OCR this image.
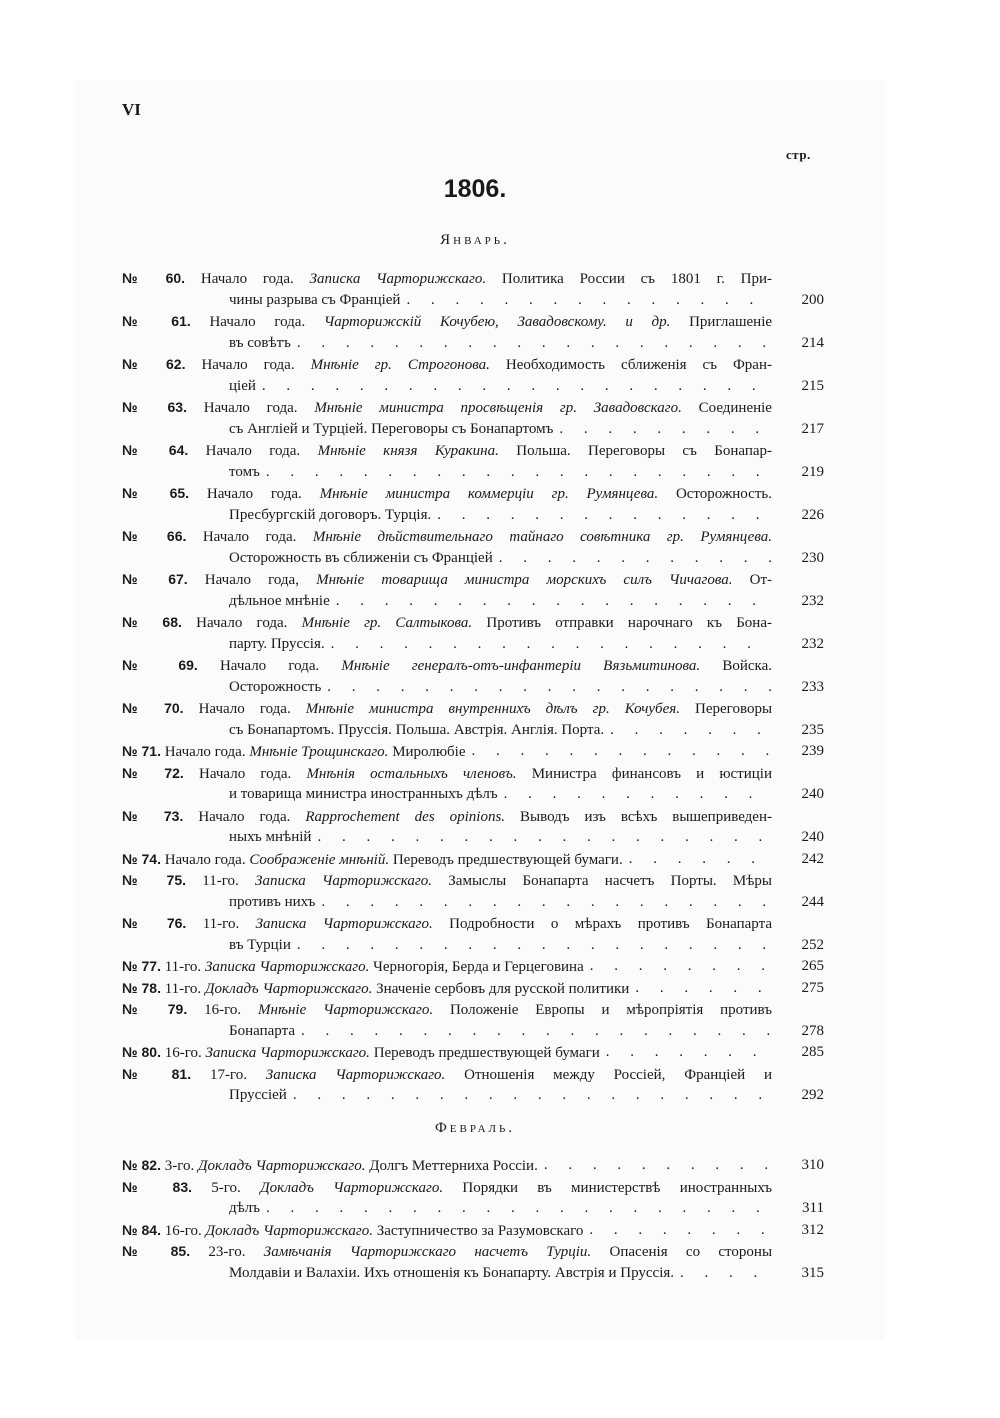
VI
стр.
1806.
Январь.
№ 60. Начало года. Записка Чарторижскаго. Политика России съ 1801 г. При-
чины разрыва съ Франціей . . .	200
№ 61. Начало года. Чарторижскій Кочубею, Завадовскому. и др. Приглашеніе
въ совѣтъ . . .	214
№ 62. Начало года. Мнѣніе гр. Строгонова. Необходимость сближенія съ Фран-
ціей . . .	215
№ 63. Начало года. Мнѣніе министра просвѣщенія гр. Завадовскаго. Соединеніе
съ Англіей и Турціей. Переговоры съ Бонапартомъ . . .	217
№ 64. Начало года. Мнѣніе князя Куракина. Польша. Переговоры съ Бонапар-
томъ . . .	219
№ 65. Начало года. Мнѣніе министра коммерціи гр. Румянцева. Осторожность.
Пресбургскій договоръ. Турція. . . .	226
№ 66. Начало года. Мнѣніе дѣйствительнаго тайнаго совѣтника гр. Румянцева.
Осторожность въ сближеніи съ Франціей . . .	230
№ 67. Начало года, Мнѣніе товарища министра морскихъ силъ Чичагова. От-
дѣльное мнѣніе . . .	232
№ 68. Начало года. Мнѣніе гр. Салтыкова. Противъ отправки нарочнаго къ Бона-
парту. Пруссія. . . .	232
№ 69. Начало года. Мнѣніе генералъ-отъ-инфантеріи Вязьмитинова. Войска.
Осторожность . . .	233
№ 70. Начало года. Мнѣніе министра внутреннихъ дѣлъ гр. Кочубея. Переговоры
съ Бонапартомъ. Пруссія. Польша. Австрія. Англія. Порта. . . .	235
№ 71. Начало года. Мнѣніе Трощинскаго. Миролюбіе . . .	239
№ 72. Начало года. Мнѣнія остальныхъ членовъ. Министра финансовъ и юстиціи
и товарища министра иностранныхъ дѣлъ . . .	240
№ 73. Начало года. Rapprochement des opinions. Выводъ изъ всѣхъ вышеприведен-
ныхъ мнѣній . . .	240
№ 74. Начало года. Соображеніе мнѣній. Переводъ предшествующей бумаги. . . .	242
№ 75. 11-го. Записка Чарторижскаго. Замыслы Бонапарта насчетъ Порты. Мѣры
противъ нихъ . . .	244
№ 76. 11-го. Записка Чарторижскаго. Подробности о мѣрахъ противъ Бонапарта
въ Турціи . . .	252
№ 77. 11-го. Записка Чарторижскаго. Черногорія, Берда и Герцеговина . . .	265
№ 78. 11-го. Докладъ Чарторижскаго. Значеніе сербовъ для русской политики . . .	275
№ 79. 16-го. Мнѣніе Чарторижскаго. Положеніе Европы и мѣропріятія противъ
Бонапарта . . .	278
№ 80. 16-го. Записка Чарторижскаго. Переводъ предшествующей бумаги . . .	285
№ 81. 17-го. Записка Чарторижскаго. Отношенія между Россіей, Франціей и
Пруссіей . . .	292
Февраль.
№ 82. 3-го. Докладъ Чарторижскаго. Долгъ Меттерниха Россіи. . . .	310
№ 83. 5-го. Докладъ Чарторижскаго. Порядки въ министерствѣ иностранныхъ
дѣлъ . . .	311
№ 84. 16-го. Докладъ Чарторижскаго. Заступничество за Разумовскаго . . .	312
№ 85. 23-го. Замѣчанія Чарторижскаго насчетъ Турціи. Опасенія со стороны
Молдавіи и Валахіи. Ихъ отношенія къ Бонапарту. Австрія и Пруссія. . . .	315
